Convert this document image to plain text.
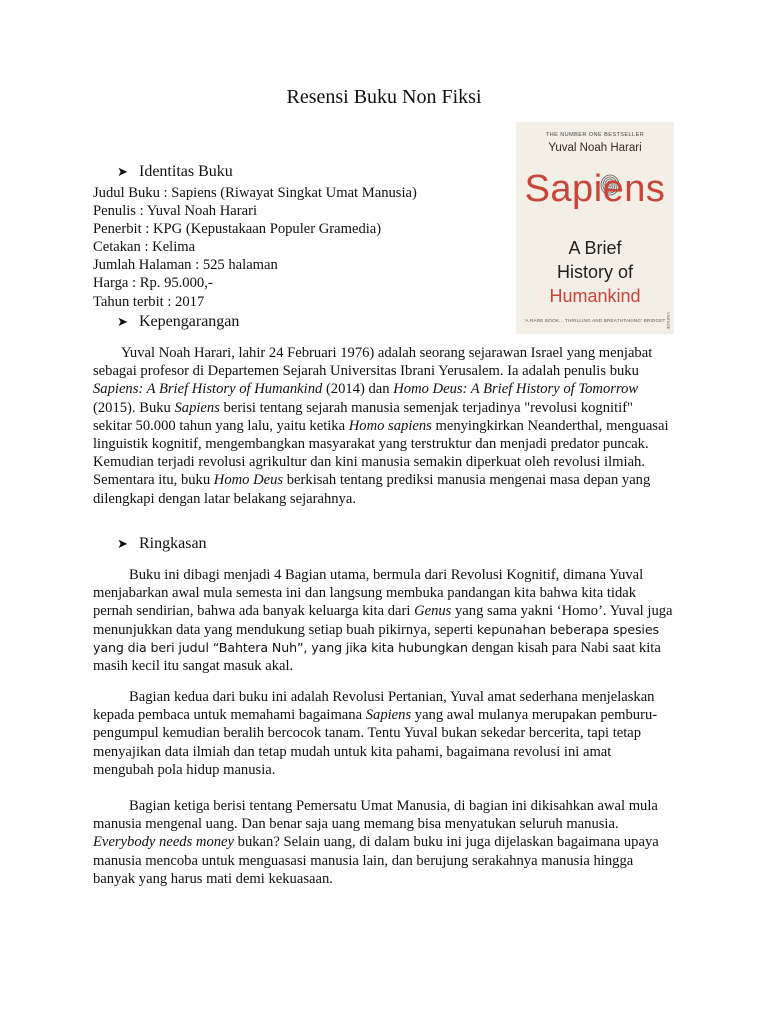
Resensi Buku Non Fiksi
THE NUMBER ONE BESTSELLER
Yuval Noah Harari
Sapiens
A Brief
History of
Humankind
'A RARE BOOK... THRILLING AND BREATHTAKING' BRIDGET VINTAGE
➤ Identitas Buku
Judul Buku : Sapiens (Riwayat Singkat Umat Manusia)
Penulis : Yuval Noah Harari
Penerbit : KPG (Kepustakaan Populer Gramedia)
Cetakan : Kelima
Jumlah Halaman : 525 halaman
Harga : Rp. 95.000,-
Tahun terbit : 2017
➤ Kepengarangan

Yuval Noah Harari, lahir 24 Februari 1976) adalah seorang sejarawan Israel yang menjabat sebagai profesor di Departemen Sejarah Universitas Ibrani Yerusalem. Ia adalah penulis buku Sapiens: A Brief History of Humankind (2014) dan Homo Deus: A Brief History of Tomorrow (2015). Buku Sapiens berisi tentang sejarah manusia semenjak terjadinya "revolusi kognitif" sekitar 50.000 tahun yang lalu, yaitu ketika Homo sapiens menyingkirkan Neanderthal, menguasai linguistik kognitif, mengembangkan masyarakat yang terstruktur dan menjadi predator puncak. Kemudian terjadi revolusi agrikultur dan kini manusia semakin diperkuat oleh revolusi ilmiah. Sementara itu, buku Homo Deus berkisah tentang prediksi manusia mengenai masa depan yang dilengkapi dengan latar belakang sejarahnya.

➤ Ringkasan

Buku ini dibagi menjadi 4 Bagian utama, bermula dari Revolusi Kognitif, dimana Yuval menjabarkan awal mula semesta ini dan langsung membuka pandangan kita bahwa kita tidak pernah sendirian, bahwa ada banyak keluarga kita dari Genus yang sama yakni ‘Homo’. Yuval juga menunjukkan data yang mendukung setiap buah pikirnya, seperti kepunahan beberapa spesies yang dia beri judul “Bahtera Nuh”, yang jika kita hubungkan dengan kisah para Nabi saat kita masih kecil itu sangat masuk akal.

Bagian kedua dari buku ini adalah Revolusi Pertanian, Yuval amat sederhana menjelaskan kepada pembaca untuk memahami bagaimana Sapiens yang awal mulanya merupakan pemburu-pengumpul kemudian beralih bercocok tanam. Tentu Yuval bukan sekedar bercerita, tapi tetap menyajikan data ilmiah dan tetap mudah untuk kita pahami, bagaimana revolusi ini amat mengubah pola hidup manusia.

Bagian ketiga berisi tentang Pemersatu Umat Manusia, di bagian ini dikisahkan awal mula manusia mengenal uang. Dan benar saja uang memang bisa menyatukan seluruh manusia. Everybody needs money bukan? Selain uang, di dalam buku ini juga dijelaskan bagaimana upaya manusia mencoba untuk menguasasi manusia lain, dan berujung serakahnya manusia hingga banyak yang harus mati demi kekuasaan.
